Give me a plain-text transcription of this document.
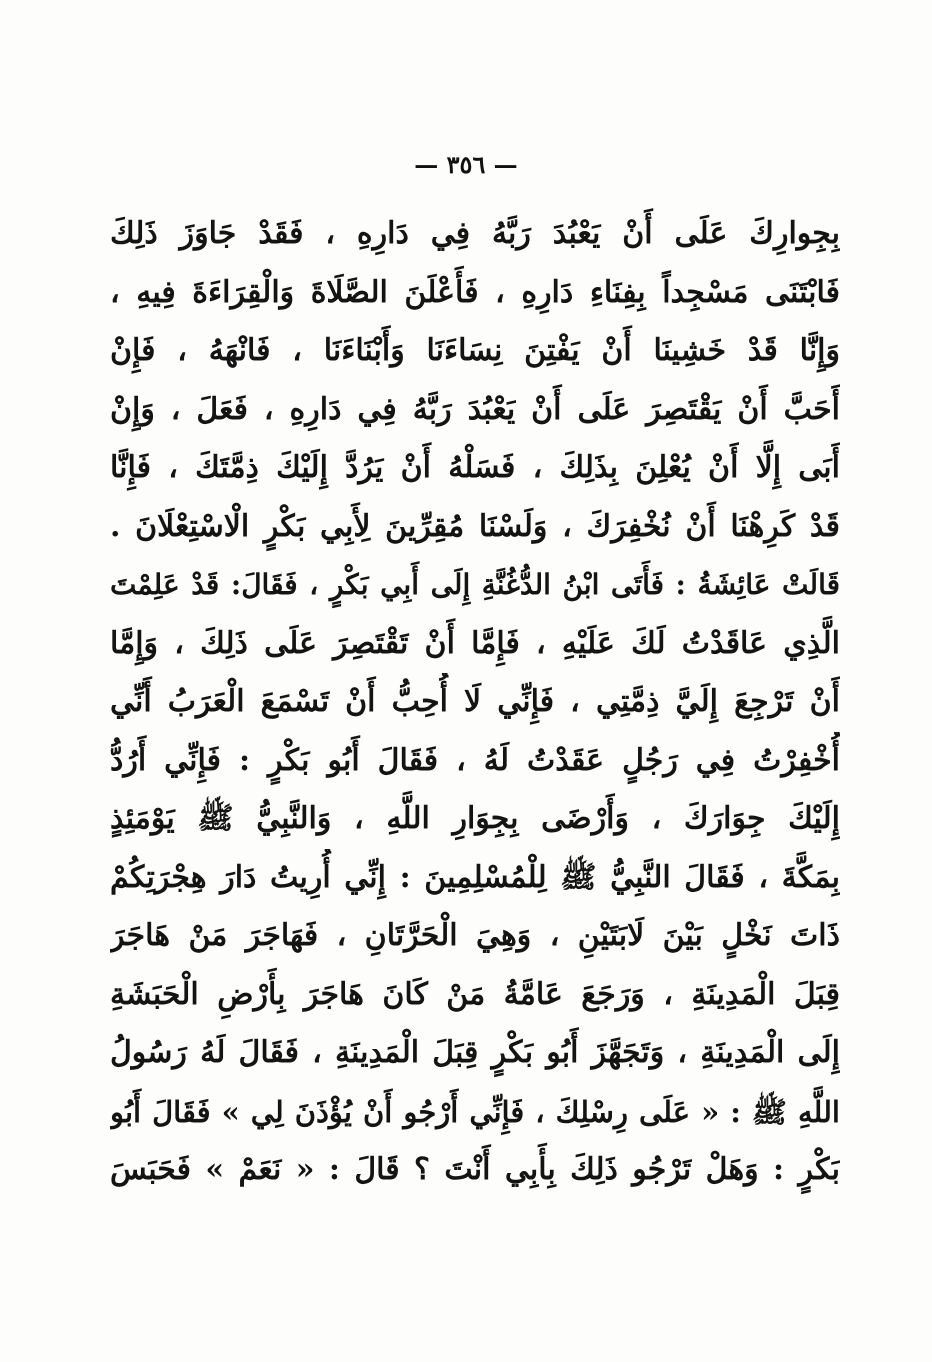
— ٣٥٦ —
بِجِوارِكَ عَلَى أَنْ يَعْبُدَ رَبَّهُ فِي دَارِهِ ، فَقَدْ جَاوَزَ ذَلِكَ
فَابْتَنَى مَسْجِداً بِفِنَاءِ دَارِهِ ، فَأَعْلَنَ الصَّلَاةَ وَالْقِرَاءَةَ فِيهِ ،
وَإِنَّا قَدْ خَشِينَا أَنْ يَفْتِنَ نِسَاءَنَا وَأَبْنَاءَنَا ، فَانْهَهُ ، فَإِنْ
أَحَبَّ أَنْ يَقْتَصِرَ عَلَى أَنْ يَعْبُدَ رَبَّهُ فِي دَارِهِ ، فَعَلَ ، وَإِنْ
أَبَى إِلَّا أَنْ يُعْلِنَ بِذَلِكَ ، فَسَلْهُ أَنْ يَرُدَّ إِلَيْكَ ذِمَّتَكَ ، فَإِنَّا
قَدْ كَرِهْنَا أَنْ نُخْفِرَكَ ، وَلَسْنَا مُقِرِّينَ لِأَبِي بَكْرٍ الْاسْتِعْلَانَ .
قَالَتْ عَائِشَةُ : فَأَتَى ابْنُ الدُّغُنَّةِ إِلَى أَبِي بَكْرٍ ، فَقَالَ: قَدْ عَلِمْتَ
الَّذِي عَاقَدْتُ لَكَ عَلَيْهِ ، فَإِمَّا أَنْ تَقْتَصِرَ عَلَى ذَلِكَ ، وَإِمَّا
أَنْ تَرْجِعَ إِلَيَّ ذِمَّتِي ، فَإِنِّي لَا أُحِبُّ أَنْ تَسْمَعَ الْعَرَبُ أَنِّي
أُخْفِرْتُ فِي رَجُلٍ عَقَدْتُ لَهُ ، فَقَالَ أَبُو بَكْرٍ : فَإِنِّي أَرُدُّ
إِلَيْكَ جِوَارَكَ ، وَأَرْضَى بِجِوَارِ اللَّهِ ، وَالنَّبِيُّ ﷺ يَوْمَئِذٍ
بِمَكَّةَ ، فَقَالَ النَّبِيُّ ﷺ لِلْمُسْلِمِينَ : إِنِّي أُرِيتُ دَارَ هِجْرَتِكُمْ
ذَاتَ نَخْلٍ بَيْنَ لَابَتَيْنِ ، وَهِيَ الْحَرَّتَانِ ، فَهَاجَرَ مَنْ هَاجَرَ
قِبَلَ الْمَدِينَةِ ، وَرَجَعَ عَامَّةُ مَنْ كَانَ هَاجَرَ بِأَرْضِ الْحَبَشَةِ
إِلَى الْمَدِينَةِ ، وَتَجَهَّزَ أَبُو بَكْرٍ قِبَلَ الْمَدِينَةِ ، فَقَالَ لَهُ رَسُولُ
اللَّهِ ﷺ : « عَلَى رِسْلِكَ ، فَإِنِّي أَرْجُو أَنْ يُؤْذَنَ لِي » فَقَالَ أَبُو
بَكْرٍ : وَهَلْ تَرْجُو ذَلِكَ بِأَبِي أَنْتَ ؟ قَالَ : « نَعَمْ » فَحَبَسَ
